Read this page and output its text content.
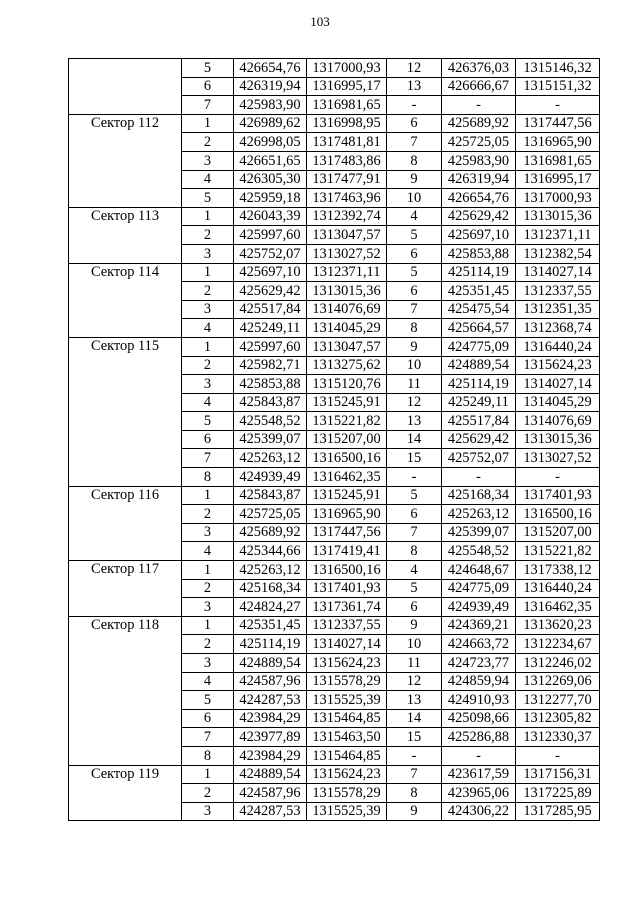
103
	5	426654,76	1317000,93	12	426376,03	1315146,32
	6	426319,94	1316995,17	13	426666,67	1315151,32
	7	425983,90	1316981,65	-	-	-
Сектор 112	1	426989,62	1316998,95	6	425689,92	1317447,56
	2	426998,05	1317481,81	7	425725,05	1316965,90
	3	426651,65	1317483,86	8	425983,90	1316981,65
	4	426305,30	1317477,91	9	426319,94	1316995,17
	5	425959,18	1317463,96	10	426654,76	1317000,93
Сектор 113	1	426043,39	1312392,74	4	425629,42	1313015,36
	2	425997,60	1313047,57	5	425697,10	1312371,11
	3	425752,07	1313027,52	6	425853,88	1312382,54
Сектор 114	1	425697,10	1312371,11	5	425114,19	1314027,14
	2	425629,42	1313015,36	6	425351,45	1312337,55
	3	425517,84	1314076,69	7	425475,54	1312351,35
	4	425249,11	1314045,29	8	425664,57	1312368,74
Сектор 115	1	425997,60	1313047,57	9	424775,09	1316440,24
	2	425982,71	1313275,62	10	424889,54	1315624,23
	3	425853,88	1315120,76	11	425114,19	1314027,14
	4	425843,87	1315245,91	12	425249,11	1314045,29
	5	425548,52	1315221,82	13	425517,84	1314076,69
	6	425399,07	1315207,00	14	425629,42	1313015,36
	7	425263,12	1316500,16	15	425752,07	1313027,52
	8	424939,49	1316462,35	-	-	-
Сектор 116	1	425843,87	1315245,91	5	425168,34	1317401,93
	2	425725,05	1316965,90	6	425263,12	1316500,16
	3	425689,92	1317447,56	7	425399,07	1315207,00
	4	425344,66	1317419,41	8	425548,52	1315221,82
Сектор 117	1	425263,12	1316500,16	4	424648,67	1317338,12
	2	425168,34	1317401,93	5	424775,09	1316440,24
	3	424824,27	1317361,74	6	424939,49	1316462,35
Сектор 118	1	425351,45	1312337,55	9	424369,21	1313620,23
	2	425114,19	1314027,14	10	424663,72	1312234,67
	3	424889,54	1315624,23	11	424723,77	1312246,02
	4	424587,96	1315578,29	12	424859,94	1312269,06
	5	424287,53	1315525,39	13	424910,93	1312277,70
	6	423984,29	1315464,85	14	425098,66	1312305,82
	7	423977,89	1315463,50	15	425286,88	1312330,37
	8	423984,29	1315464,85	-	-	-
Сектор 119	1	424889,54	1315624,23	7	423617,59	1317156,31
	2	424587,96	1315578,29	8	423965,06	1317225,89
	3	424287,53	1315525,39	9	424306,22	1317285,95
